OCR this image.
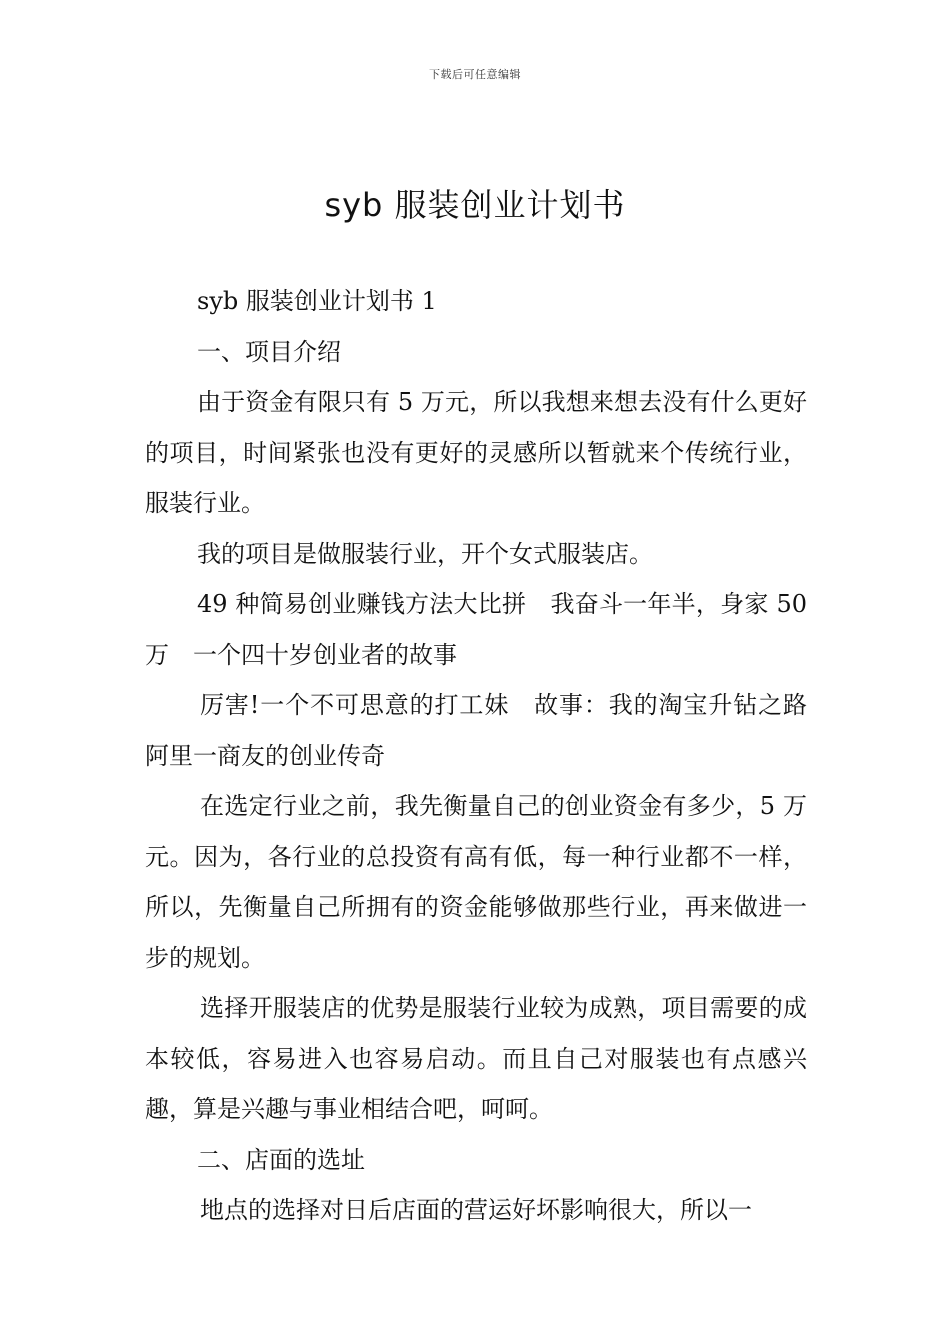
下载后可任意编辑
syb 服装创业计划书

syb 服装创业计划书 1

一、项目介绍

由于资金有限只有 5 万元，所以我想来想去没有什么更好的项目，时间紧张也没有更好的灵感所以暂就来个传统行业，服装行业。

我的项目是做服装行业，开个女式服装店。

49 种简易创业赚钱方法大比拼　我奋斗一年半，身家 50 万　一个四十岁创业者的故事

厉害!一个不可思意的打工妹　故事：我的淘宝升钻之路　阿里一商友的创业传奇

在选定行业之前，我先衡量自己的创业资金有多少，5 万元。因为，各行业的总投资有高有低，每一种行业都不一样，所以，先衡量自己所拥有的资金能够做那些行业，再来做进一步的规划。

选择开服装店的优势是服装行业较为成熟，项目需要的成本较低，容易进入也容易启动。而且自己对服装也有点感兴趣，算是兴趣与事业相结合吧，呵呵。

二、店面的选址

地点的选择对日后店面的营运好坏影响很大，所以一
